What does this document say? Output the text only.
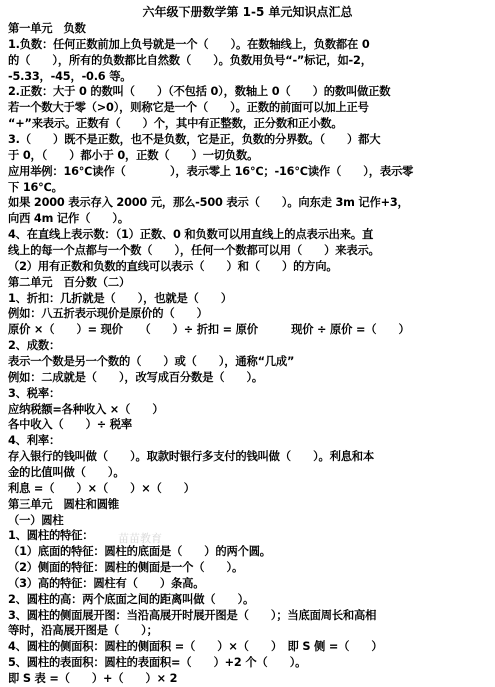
六年级下册数学第 1-5 单元知识点汇总
第一单元　负数
1.负数：任何正数前加上负号就是一个（　　）。在数轴线上，负数都在 0
的（　　），所有的负数都比自然数（　　）。负数用负号“-”标记，如-2，
-5.33，-45，-0.6 等。
2.正数：大于 0 的数叫（　　）（不包括 0），数轴上 0（　　）的数叫做正数
若一个数大于零（>0），则称它是一个（　　）。正数的前面可以加上正号
“+”来表示。正数有（　　）个，其中有正整数，正分数和正小数。
3.（　　）既不是正数，也不是负数，它是正，负数的分界数。（　　）都大
于 0，（　　）都小于 0，正数（　　）一切负数。
应用举例：16℃读作（　　　　），表示零上 16℃；-16℃读作（　　），表示零
下 16℃。
如果 2000 表示存入 2000 元，那么-500 表示（　　）。向东走 3m 记作+3，
向西 4m 记作（　　）。
4、在直线上表示数：（1）正数、0 和负数可以用直线上的点表示出来。直
线上的每一个点都与一个数（　　），任何一个数都可以用（　　）来表示。
（2）用有正数和负数的直线可以表示（　　）和（　　）的方向。
第二单元　百分数（二）
1、折扣：几折就是（　　），也就是（　　）
例如：八五折表示现价是原价的（　　）
原价 ×（　　）= 现价　　（　　）÷ 折扣 = 原价　　　现价 ÷ 原价 =（　　）
2、成数：
表示一个数是另一个数的（　　）或（　　），通称“几成”
例如：二成就是（　　），改写成百分数是（　　）。
3、税率：
应纳税额=各种收入 ×（　　）
各中收入（　　）÷ 税率
4、利率：
存入银行的钱叫做（　　）。取款时银行多支付的钱叫做（　　）。利息和本
金的比值叫做（　　）。
利息 =（　　）×（　　）×（　　）
第三单元　圆柱和圆锥
（一）圆柱
1、圆柱的特征：
（1）底面的特征：圆柱的底面是（　　）的两个圆。
（2）侧面的特征：圆柱的侧面是一个（　　）。
（3）高的特征：圆柱有（　　）条高。
2、圆柱的高：两个底面之间的距离叫做（　　）。
3、圆柱的侧面展开图：当沿高展开时展开图是（　　）；当底面周长和高相
等时，沿高展开图是（　　）；
4、圆柱的侧面积：圆柱的侧面积 =（　　）×（　　）　即 S 侧 =（　　）
5、圆柱的表面积：圆柱的表面积=（　　）+2 个（　　）。
即 S 表 =（　　）+（　　）× 2
苗苗教育
